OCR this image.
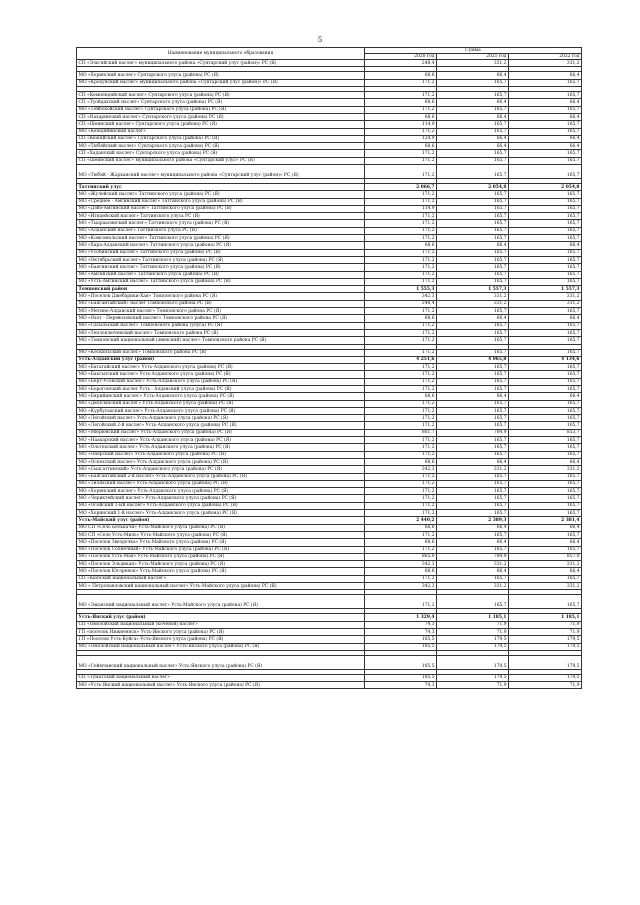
5
Наименование муниципального образования	Сумма		
	2020 год	2021 год	2022 год
СП «Эльгяйский наслег» муниципального района «Сунтарский улус (район)» РС (Я)	248,4	331,2	331,2

МО «Хоринский наслег» Сунтарского улуса (района) РС (Я)	68,6	66,4	66,4
МО «Крохунский наслег» муниципального района «Сунтарский улус (район)» РС (Я)	171,2	165,7	165,7

СП «Кемпендяйский наслег» Сунтарского улуса (района) РС (Я)	171,2	165,7	165,7
СП «Туойдахский наслег» Сунтарского улуса (района) РС (Я)	68,6	66,4	66,4
МО «Тойбохойский наслег» Сунтарского улуса (района) РС (Я)	171,2	165,7	165,7
СП «Нахаринский наслег» Сунтарского улуса (района) РС (Я)	68,6	66,4	66,4
СП «Шеинский наслег» Сунтарского улуса (района) РС (Я)	114,9	165,7	165,7
МО «Кюндяйинский наслег»	171,2	165,7	165,7
СП «Кюкяйский наслег» Сунтарского улуса (района) РС (Я)	124,9	66,4	66,4
МО «Тюбяйский наслег» Сунтарского улуса (района) РС (Я)	68,6	66,4	66,4
СП «Хаданский наслег» Сунтарского улуса (района) РС (Я)	171,2	165,7	165,7
СП «Шеинский наслег» муниципального района «Сунтарский улус» РС (Я)	171,2	165,7	165,7
МО «Тюбяй - Жарханский наслег» муниципального района «Сунтарский улус (район)» РС (Я)	171,2	165,7	165,7

Таттинский улус	2 066,7	2 054,8	2 054,8
МО «Жулейский наслег» Таттинского улуса (района) РС (Я)	171,2	165,7	165,7
МО «Среднее - Амгинский наслег» Таттинского улуса (района) РС (Я)	171,2	165,7	165,7
МО «Дэйэ-Амгинский наслег» Таттинского улуса (района) РС (Я)	114,9	165,7	165,7
МО «Игидейский наслег» Таттинского улуса РС (Я)	171,2	165,7	165,7
МО «Тыараасинский наслег» Таттинского улуса (района) РС (Я)	171,2	165,7	165,7
МО «Алданский наслег» Таттинского улуса РС (Я)	171,2	165,7	165,7
МО «Комсомольский наслег» Таттинского улуса (района) РС (Я)	171,2	165,7	165,7
МО «Хара-Алданский наслег» Таттинского улуса (района) РС (Я)	68,6	66,4	66,4
МО «Усобинский наслег» Таттинского улуса (района) РС (Я)	171,2	165,7	165,7
МО «Октябрьский наслег» Таттинского улуса (района) РС (Я)	171,2	165,7	165,7
МО «Баягинский наслег» Таттинского улуса (района) РС (Я)	171,2	165,7	165,7
МО «Амгинский наслег» Таттинского улуса (района) РС (Я)	171,2	165,7	165,7
МО «Усть-Амгинский наслег» Таттинского улуса (района) РС (Я)	171,2	165,7	165,7
Томпонский район	1 555,3	1 557,3	1 557,3
МО «Поселок Джебарики-Хая» Томпонского района РС (Я)	342,3	331,2	331,2
МО «Баягантайский» наслег Томпонского района РС (Я)	248,4	331,2	331,2
МО «Мегино-Алданский наслег» Томпонского района РС (Я)	171,2	165,7	165,7
МО «Охот - Перевозовский наслег» Томпонского района РС (Я)	68,6	66,4	66,4
МО «Сасыльский наслег» Томпонского района (улуса) РС (Я)	171,2	165,7	165,7
МО «Теплоключевский наслег» Томпонского района РС (Я)	171,2	165,7	165,7
МО «Томпонский национальный (эвенский) наслег» Томпонского района РС (Я)	171,2	165,7	165,7

МО «Кескильский наслег» Томпонского района РС (Я)	171,2	165,7	165,7
Усть-Алданский улус (район)	4 251,6	4 065,8	4 134,6
МО «Батагайский наслег» Усть-Алданского улуса (района) РС (Я)	171,2	165,7	165,7
МО «Бахсытский наслег» Усть-Алданского улуса (района) РС (Я)	171,2	165,7	165,7
МО «Берт-Усовский наслег» Усть-Алданского улуса (района) РС (Я)	171,2	165,7	165,7
МО «Борогонский наслег Усть - Алданский улуса (района) РС (Я)	171,2	165,7	165,7
МО «Бярийинский наслег» Усть-Алданского улуса (района) РС (Я)	68,6	66,4	66,4
МО «Дюпсюнский наслег» Усть-Алданского улуса (района) РС (Я)	171,2	165,7	165,7
МО «Курбусахский наслег» Усть-Алданского улуса (района) РС (Я)	171,2	165,7	165,7
МО «Легойский наслег» Усть-Алданского улуса (района) РС (Я)	171,2	165,7	165,7
МО «Легойский 2-й наслег» Усть-Алданского улуса (района) РС (Я)	171,2	165,7	165,7
МО «Мюрюнский наслег» Усть-Алданского улуса (района) РС (Я)	861,7	784,9	853,7
МО «Наахарский наслег» Усть-Алданского улуса (района) РС (Я)	171,2	165,7	165,7
МО «Ольтехский наслег» Усть-Алданского улуса (района) РС (Я)	171,2	165,7	165,7
МО «Онерский наслег» Усть-Алданского улуса (района) РС (Я)	171,2	165,7	165,7
МО «Оспехский наслег» Усть-Алданского улуса (района) РС (Я)	68,6	66,4	66,4
МО «Сыагаттинский» Усть-Алданского улуса (района) РС (Я)	342,3	331,2	331,2
МО «Баягантайский 2-й наслег» Усть-Алданского улуса (района) РС (Я)	171,2	165,7	165,7
МО «Тиляхский наслег» Усть-Алданского улуса (района) РС (Я)	171,2	165,7	165,7
МО «Хоринский наслег» Усть-Алданского улуса (района) РС (Я)	171,2	165,7	165,7
МО «Чериктейский наслег» Усть-Алданского улуса (района) РС (Я)	171,2	165,7	165,7
МО «Осойский 1-ый наслег» Усть-Алданского улуса (района) РС (Я)	171,2	165,7	165,7
МО «Хоринский 1-й наслег» Усть-Алданского улуса (района) РС (Я)	171,2	165,7	165,7
Усть-Майский улус (район)	2 440,2	2 389,3	2 381,4
МО СП «Село Белькачи» Усть-Майского улуса (района) РС (Я)	68,6	66,4	66,4
МО СП «Село Усть-Миль» Усть-Майского улуса (района) РС (Я)	171,2	165,7	165,7
МО «Поселок Звездочка» Усть-Майского улуса (района) РС (Я)	68,6	66,4	66,4
МО «Поселок Солнечный» Усть-Майского улуса (района) РС (Я)	171,2	165,7	165,7
МО «Поселок Усть-Мая» Усть-Майского улуса (района) РС (Я)	865,0	784,9	857,0
МО «Поселок Эльдикан» Усть-Майского улуса (района) РС (Я)	342,3	331,2	331,2
МО «Поселок Югоренок» Усть-Майского улуса (района) РС (Я)	68,6	66,4	66,4
СП «Кюпский национальный наслег»	171,2	165,7	165,7
МО « Петропавловский национальный наслег» Усть-Майского улуса (района) РС (Я)	342,3	331,2	331,2

МО «Эжанский национальный наслег» Усть-Майского улуса (района) РС (Я)	171,2	165,7	165,7

Усть-Янский улус (район)	1 329,4	1 185,1	1 185,1
СП «Омолойский национальный (кочевой) наслег»	74,3	71,9	71,9
ГП «поселок Нижнеянск» Усть-Янского улуса (района) РС (Я)	74,3	71,9	71,9
ГП «Поселок Усть-Куйга» Усть-Янского улуса (района) РС (Я)	185,5	179,5	179,5
МО «Омолойский национальный наслег» Усть-Янского улуса (района) РС (Я)	185,5	179,5	179,5

МО «Сеймчанский национальный наслег» Усть-Янского улуса (района) РС (Я)	185,5	179,5	179,5

СП «Туматский национальный наслег»	185,5	179,5	179,5
МО «Усть-Янский национальный наслег» Усть-Янского улуса (района) РС (Я)	74,3	71,9	71,9
